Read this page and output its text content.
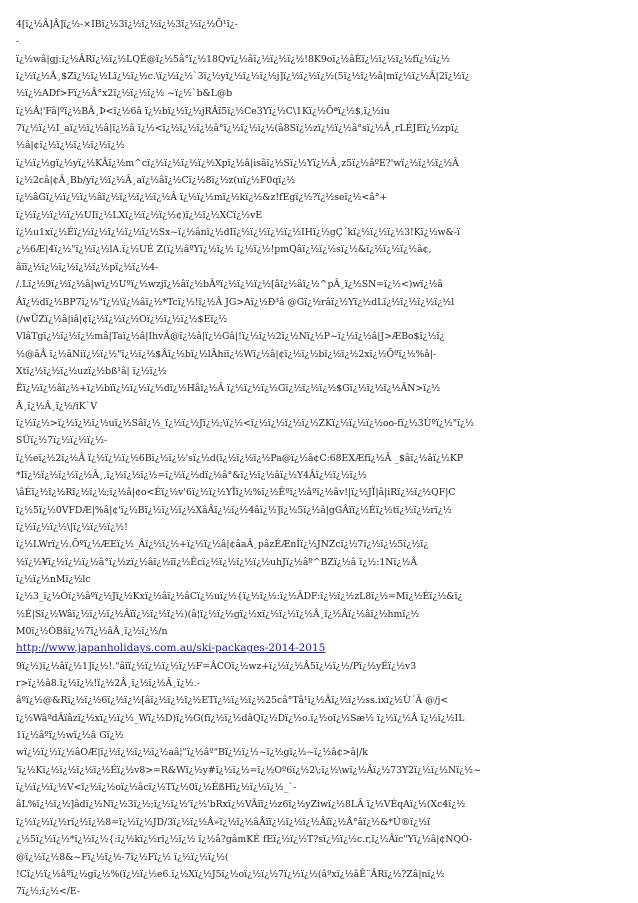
4[ï¿½Â]Â]ï¿½-×IBï¿½3ï¿½ï¿½ï¿½3ï¿½ï¿½Õ¹ï¿-
-
ï¿½wâ|gj:ï¿½ÂRï¿½ï¿½LQÉ@ï¿½5â°ï¿½18Qvï¿½âï¿½ï¿½ï¿½!8K9oï¿½âÈï¿½ï¿½ï¿½fï¿½ï¿½
ï¿½ï¿½Ã¸$Zï¿½ï¿½Lï¿½ï¿½c.\ï¿½ï¿½`3ï¿½yï¿½ï¿½ï¿½j]ï¿½ï¿½ï¿½(5ï¿½ï¿½â|mï¿½ï¿½Â|2ï¿½ï¿
½ï¿½ADf>Fï¿½Â°x2ï¿½ï¿½ï¿½ ~ï¿½`b&L@b
ï¿½Â¦'Fâ|ºï¿½BÂ¸Þ<ï¿½6â ï¿½bï¿½ï¿½jRÂï5ï¿½Ce3Yï¿½C\1Kï¿½Õªï¿½$,ï¿½iu
7ï¿½ï¿½I_aï¿½ï¿½â|ï¿½â ï¿½<ï¿½ï¿½ï¿½â°ï¿½ï¿½ï¿½(â8Sï¿½zï¿½ï¿½â°sï¿½Â¸rLÉJÉï¿½zpï¿
½â|¢ï¿½ï¿½ï¿½ï¿½ï¿½
ï¿½ï¿½gï¿½yï¿½KÂï¿½m^cï¿½ï¿½ï¿½ï¿½Xpï¿½â|isâï¿½Sï¿½Yï¿½Â¸z5ï¿½âºE?'wï¿½ï¿½ï¿½Â
ï¿½2câ|¢Â¸Bb/yï¿½ï¿½Â¸aï¿½âï¿½Cï¿½8ï¿½z(uï¿½F0qï¿½
ï¿½âGï¿½ï¿½ï¿½âï¿½ï¿½ï¿½ï¿½Â ï¿½ï¿½mï¿½kï¿½&z!fEgï¿½?ï¿½seï¿½<â°+
ï¿½ï¿½ï¿½ï¿½UIï¿½LXï¿½ï¿½ï¿½¢)ï¿½ï¿½XCï¿½vE
ï¿½u1xï¿½Éï¿½ï¿½ï¿½ï¿½ï¿½Sx~ï¿½ânï¿½dIï¿½ï¿½ï¿½ï¿½IHï¿½gÇ´kï¿½ï¿½ï¿½3!Kï¿½w&-ï
¿½6Æ|4ï¿½"ï¿½ï¿½lA.ï¿½UÉ Z(ï¿½âºYï¿½ï¿½ ï¿½ï¿½!pmQâï¿½ï¿½sï¿½&ï¿½ï¿½ï¿½â¢,
âïï¿½ï¿½ï¿½ï¿½ï¿½pï¿½ï¿½4-
/.Lï¿½9ï¿½ï¿½â|wï¿½Uºï¿½wzjï¿½âï¿½bÂºï¿½ï¿½ï¿½[âï¿½âï¿½^pÂ¸ï¿½SN=ï¿½<)wï¿½â
Âï¿½dï¿½BP7ï¿½"ï¿½\ï¿½âï¿½*Tcï¿½!ï¿½Â JG>Aï¿½Ð³â @Gï¿½râï¿½Yï¿½dLï¿½ï¿½ï¿½ï¿½l
(/wÜZï¿½â|iâ|¢ï¿½ï¿½ï¿½Oï¿½ï¿½ï¿½$Eï¿½
VlâTgï¿½ï¿½ï¿½mâ|Taï¿½â|IhvÂ@ï¿½â|ï¿½Gâ|!ï¿½ï¿½2ï¿½Nï¿½P~ï¿½ï¿½â|J>ÆBo$ï¿½ï¿
½@âÂ ï¿½âNiï¿½ï¿½"ï¿½ï¿½$Âï¿½bï¿½lÂhiï¿½Wï¿½â|¢ï¿½ï¿½bï¿½ï¿½2xï¿½Õºï¿½%â|-
Xtï¿½ï¿½ï¿½uzï¿½bß¹â| ï¿½ï¿½
Ëï¿½ï¿½âï¿½+ï¿½bïï¿½ï¿½ï¿½dï¿½Hâï¿½Â ï¿½ï¿½ï¿½Gï¿½ï¿½ï¿½$Gï¿½ï¿½ï¿½ÂN>ï¿½
Â¸ï¿½Â¸ï¿½/iK`V
ï¿½ï¿½>ï¿½ï¿½ï¿½uï¿½Sâï¿½_ï¿½ï¿½Jï¿½;\ï¿½<ï¿½ï¿½ï¿½ï¿½ZKï¿½ï¿½ï¿½oo-fï¿½3Ùºï¿½"ï¿½
SÜï¿½7ï¿½ï¿½ï¿½-
ï¿½eï¿½2ï¿½Â ï¿½ï¿½ï¿½6Bï¿½ï¿½'sï¿½d(ï¿½ï¿½ï¿½Pa@ï¿½â¢C:68EXÆfï¿½Â _$âï¿½âï¿½KP
*Iï¿½ï¿½ï¿½ï¿½Â¸,ï¿½ï¿½ï¿½=ï¿½ï¿½dï¿½â°&ï¿½ï¿½âï¿½Y4Âï¿½ï¿½ï¿½
\âÉï¿½ï¿½Rï¿½ï¿½;ï¿½â|¢o<Éï¿½v'6ï¿½ï¿½YÏï¿½%ï¿½Êºï¿½âºï¿½âv!|ï¿½JÏ|â|iRï¿½ï¿½QF|C
ï¿½5ï¿½0VFDÆ|%â|¢'ï¿½Bï¿½ï¿½ï¿½XâÂï¿½ï¿½4âï¿½]ï¿½5ï¿½â|gGÂïï¿½Éï¿½tï¿½ï¿½rï¿½
ï¿½ï¿½ï¿½\|ï¿½ï¿½ï¿½!
ï¿½LWrï¿½.Õºï¿½ÆEï¿½_Âï¿½ï¿½+ï¿½ï¿½â|¢âaÂ¸pâzÉÆnÍï¿½JNZcï¿½7ï¿½ï¿½5ï¿½ï¿
½ï¿½¥ï¿½ï¿½ï¿½â°ï¿½zï¿½âï¿½ïï¿½Êcï¿½ï¿½ï¿½ï¿½uhJï¿½âº^BZï¿½â ï¿½:1Nï¿½Â
ï¿½ï¿½nMï¿½lc
ï¿½3_ï¿½Òï¿½âºï¿½Jï¿½Kxï¿½âï¿½âCï¿½uï¿½{ï¿½ï¿½:ï¿½ÂDF:ï¿½ï¿½zL8ï¿½=Mï¿½Éï¿½&ï¿
½É|Sï¿½Wâï¿½ï¿½ï¿½Âïï¿½ï¿½ï¿½)(â¦ï¿½ï¿½gï¿½xï¿½ï¿½ï¿½Â¸ï¿½Âï¿½âï¿½hmï¿½
M0ï¿½ÒBšï¿½7ï¿½âÂ¸ï¿½ï¿½/n
http://www.japanholidays.com.au/ski-packages-2014-2015
9ï¿½)ï¿½âï¿½1]ï¿½!."âïï¿½ï¿½ï¿½ï¿½F=ÂCOï¿½wz+ï¿½ï¿½Â5ï¿½ï¿½/Pï¿½yÉï¿½v3
r>ï¿½â8.ï¿½ï¿½!ï¿½2Â¸ï¿½ï¿½Â¸ï¿½.-
âºï¿½@&Rï¿½ï¿½6ï¿½ï¿½[âï¿½ï¿½ï¿½ETï¿½ï¿½ï¿½25câ°Tâ¹ï¿½Âï¿½ï¿½ss.ixï¿½Ù´Â @/j<
ï¿½WâºdÂïâzï¿½xï¿½ï¿½_Wï¿½D)ï¿½G(fï¿½ï¿½dâQï¿½Dï¿½o.ï¿½oï¿½Sæ½ ï¿½ï¿½Â ï¿½ï¿½IL
1ï¿½âºï¿½wï¿½â Gï¿½
wï¿½ï¿½ï¿½âOÆ|ï¿½ï¿½ï¿½ï¿½aâ¦"ï¿½âº"Bï¿½ï¿½~ï¿½gï¿½~ï¿½â¢>â|/k
'ï¿½Kï¿½ï¿½ï¿½ï¿½Éï¿½v8>=R&Wï¿½y#ï¿½ï¿½=ï¿½Oº6ï¿½2\;ï¿½\wï¿½Âï¿½73Y2ï¿½ï¿½Nï¿½~
ï¿½ï¿½ï¿½V<ï¿½ï¿½oï¿½âcï¿½Tï¿½0ï¿½ÉßHï¿½ï¿½ï¿½_`-
âL%ï¿½ï¿½]âdï¿½Nï¿½3ï¿½;ï¿½ï¿½'ï¿½'bRxï¿½VÂïï¿½z6ï¿½yZiwï¿½8LÂ ï¿½VÉqAï¿½(Xc4ï¿½
ï¿½ï¿½ï¿½rï¿½ï¿½8=ï¿½ï¿½JD/3ï¿½ï¿½Â»ï¿½ï¿½âÂïï¿½ï¿½ï¿½Âïï¿½Â°âï¿½&*Ú®ï¿½ï
¿½5ï¿½ï¿½*ï¿½ï¿½{:ï¿½kï¿½rï¿½ï¿½ ï¿½â?gâmKÉ fEï¿½ï¿½T?sï¿½ï¿½c.r,ï¿½Âïc"Yï¿½â|¢NQÒ-
@ï¿½ï¿½8&~Fï¿½ï¿½-7ï¿½Fï¿½ ï¿½ï¿½ï¿½(
!Cï¿½ï¿½âºï¿½gï¿½%(ï¿½ï¿½e6.ï¿½Xï¿½J5ï¿½oï¿½ï¿½7ï¿½ï¿½(âºxï¿½âÊ¨ÂRï¿½?Zâ|nï¿½
7ï¿½;ï¿½</E-
